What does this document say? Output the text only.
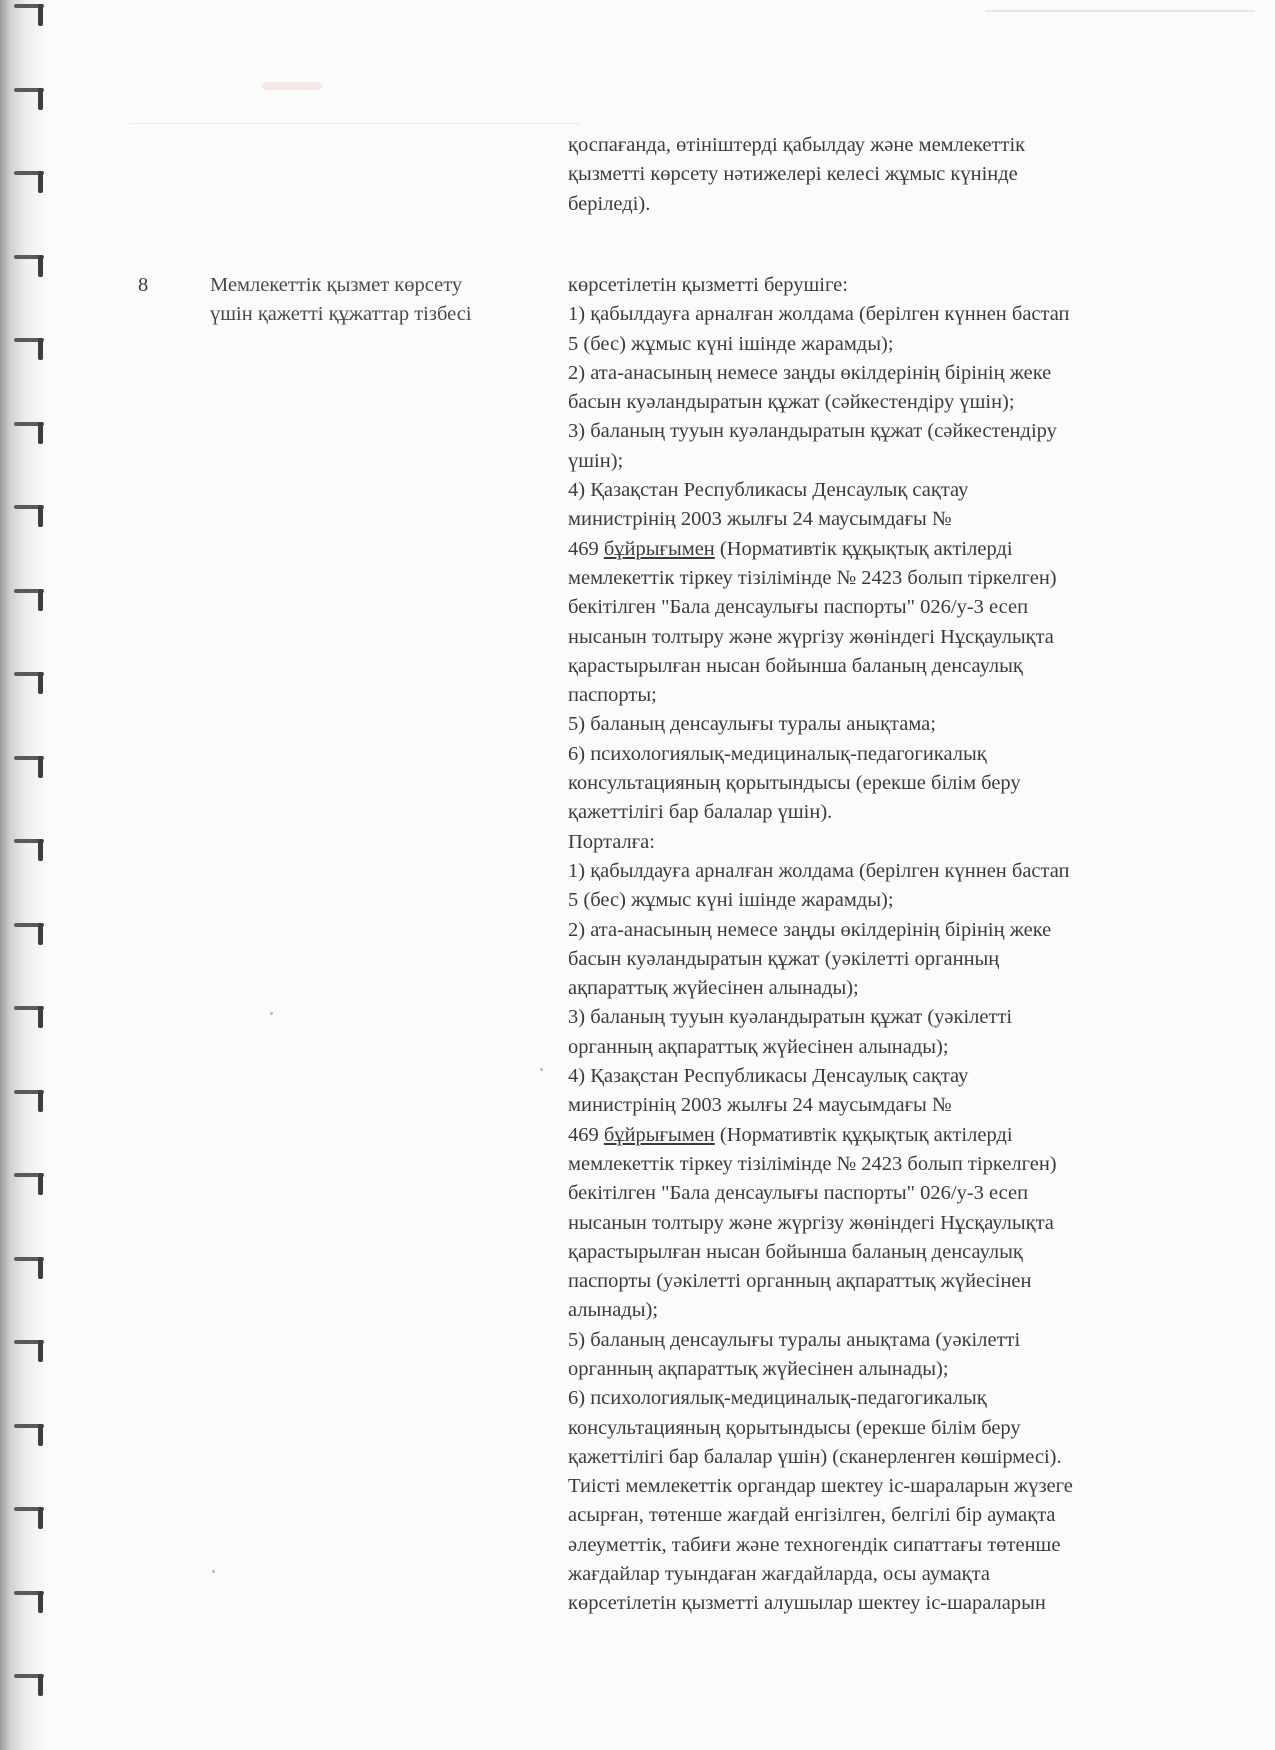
қоспағанда, өтініштерді қабылдау және мемлекеттік
қызметті көрсету нәтижелері келесі жұмыс күнінде
беріледі).

8	Мемлекеттік қызмет көрсету
үшін қажетті құжаттар тізбесі

көрсетілетін қызметті берушіге:
1) қабылдауға арналған жолдама (берілген күннен бастап
5 (бес) жұмыс күні ішінде жарамды);
2) ата-анасының немесе заңды өкілдерінің бірінің жеке
басын куәландыратын құжат (сәйкестендіру үшін);
3) баланың тууын куәландыратын құжат (сәйкестендіру
үшін);
4) Қазақстан Республикасы Денсаулық сақтау
министрінің 2003 жылғы 24 маусымдағы №
469 бұйрығымен (Нормативтік құқықтық актілерді
мемлекеттік тіркеу тізілімінде № 2423 болып тіркелген)
бекітілген "Бала денсаулығы паспорты" 026/у-3 есеп
нысанын толтыру және жүргізу жөніндегі Нұсқаулықта
қарастырылған нысан бойынша баланың денсаулық
паспорты;
5) баланың денсаулығы туралы анықтама;
6) психологиялық-медициналық-педагогикалық
консультацияның қорытындысы (ерекше білім беру
қажеттілігі бар балалар үшін).
Порталға:
1) қабылдауға арналған жолдама (берілген күннен бастап
5 (бес) жұмыс күні ішінде жарамды);
2) ата-анасының немесе заңды өкілдерінің бірінің жеке
басын куәландыратын құжат (уәкілетті органның
ақпараттық жүйесінен алынады);
3) баланың тууын куәландыратын құжат (уәкілетті
органның ақпараттық жүйесінен алынады);
4) Қазақстан Республикасы Денсаулық сақтау
министрінің 2003 жылғы 24 маусымдағы №
469 бұйрығымен (Нормативтік құқықтық актілерді
мемлекеттік тіркеу тізілімінде № 2423 болып тіркелген)
бекітілген "Бала денсаулығы паспорты" 026/у-3 есеп
нысанын толтыру және жүргізу жөніндегі Нұсқаулықта
қарастырылған нысан бойынша баланың денсаулық
паспорты (уәкілетті органның ақпараттық жүйесінен
алынады);
5) баланың денсаулығы туралы анықтама (уәкілетті
органның ақпараттық жүйесінен алынады);
6) психологиялық-медициналық-педагогикалық
консультацияның қорытындысы (ерекше білім беру
қажеттілігі бар балалар үшін) (сканерленген көшірмесі).
Тиісті мемлекеттік органдар шектеу іс-шараларын жүзеге
асырған, төтенше жағдай енгізілген, белгілі бір аумақта
әлеуметтік, табиғи және техногендік сипаттағы төтенше
жағдайлар туындаған жағдайларда, осы аумақта
көрсетілетін қызметті алушылар шектеу іс-шараларын
